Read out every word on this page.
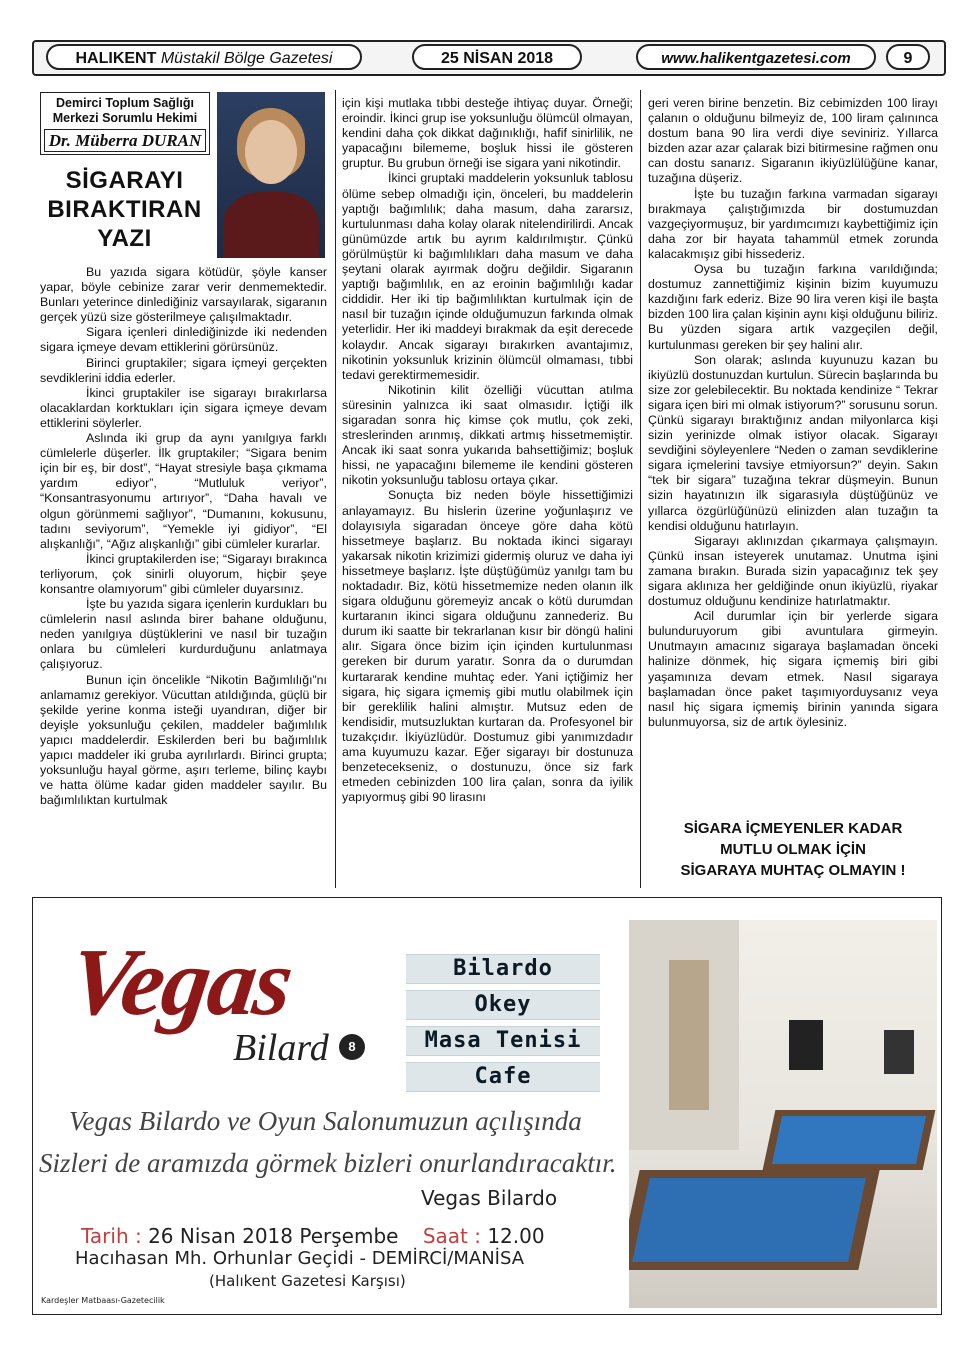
HALIKENT Müstakil Bölge Gazetesi	25 NİSAN 2018	www.halikentgazetesi.com	9
Demirci Toplum Sağlığı
Merkezi Sorumlu Hekimi
Dr. Müberra DURAN
SİGARAYI
BIRAKTIRAN
YAZI

Bu yazıda sigara kötüdür, şöyle kanser yapar, böyle cebinize zarar verir denmemektedir. Bunları yeterince dinlediğiniz varsayılarak, sigaranın gerçek yüzü size gösterilmeye çalışılmaktadır.

Sigara içenleri dinlediğinizde iki nedenden sigara içmeye devam ettiklerini görürsünüz.

Birinci gruptakiler; sigara içmeyi gerçekten sevdiklerini iddia ederler.

İkinci gruptakiler ise sigarayı bırakırlarsa olacaklardan korktukları için sigara içmeye devam ettiklerini söylerler.

Aslında iki grup da aynı yanılgıya farklı cümlelerle düşerler. İlk gruptakiler; “Sigara benim için bir eş, bir dost”, “Hayat stresiyle başa çıkmama yardım ediyor”, “Mutluluk veriyor”, “Konsantrasyonumu artırıyor”, “Daha havalı ve olgun görünmemi sağlıyor”, “Dumanını, kokusunu, tadını seviyorum”, “Yemekle iyi gidiyor”, “El alışkanlığı”, “Ağız alışkanlığı” gibi cümleler kurarlar.

İkinci gruptakilerden ise; “Sigarayı bırakınca terliyorum, çok sinirli oluyorum, hiçbir şeye konsantre olamıyorum” gibi cümleler duyarsınız.

İşte bu yazıda sigara içenlerin kurdukları bu cümlelerin nasıl aslında birer bahane olduğunu, neden yanılgıya düştüklerini ve nasıl bir tuzağın onlara bu cümleleri kurdurduğunu anlatmaya çalışıyoruz.

Bunun için öncelikle “Nikotin Bağımlılığı”nı anlamamız gerekiyor. Vücuttan atıldığında, güçlü bir şekilde yerine konma isteği uyandıran, diğer bir deyişle yoksunluğu çekilen, maddeler bağımlılık yapıcı maddelerdir. Eskilerden beri bu bağımlılık yapıcı maddeler iki gruba ayrılırlardı. Birinci grupta; yoksunluğu hayal görme, aşırı terleme, bilinç kaybı ve hatta ölüme kadar giden maddeler sayılır. Bu bağımlılıktan kurtulmak

için kişi mutlaka tıbbi desteğe ihtiyaç duyar. Örneği; eroindir. İkinci grup ise yoksunluğu ölümcül olmayan, kendini daha çok dikkat dağınıklığı, hafif sinirlilik, ne yapacağını bilememe, boşluk hissi ile gösteren gruptur. Bu grubun örneği ise sigara yani nikotindir.

İkinci gruptaki maddelerin yoksunluk tablosu ölüme sebep olmadığı için, önceleri, bu maddelerin yaptığı bağımlılık; daha masum, daha zararsız, kurtulunması daha kolay olarak nitelendirilirdi. Ancak günümüzde artık bu ayrım kaldırılmıştır. Çünkü görülmüştür ki bağımlılıkları daha masum ve daha şeytani olarak ayırmak doğru değildir. Sigaranın yaptığı bağımlılık, en az eroinin bağımlılığı kadar ciddidir. Her iki tip bağımlılıktan kurtulmak için de nasıl bir tuzağın içinde olduğumuzun farkında olmak yeterlidir. Her iki maddeyi bırakmak da eşit derecede kolaydır. Ancak sigarayı bırakırken avantajımız, nikotinin yoksunluk krizinin ölümcül olmaması, tıbbi tedavi gerektirmemesidir.

Nikotinin kilit özelliği vücuttan atılma süresinin yalnızca iki saat olmasıdır. İçtiği ilk sigaradan sonra hiç kimse çok mutlu, çok zeki, streslerinden arınmış, dikkati artmış hissetmemiştir. Ancak iki saat sonra yukarıda bahsettiğimiz; boşluk hissi, ne yapacağını bilememe ile kendini gösteren nikotin yoksunluğu tablosu ortaya çıkar.

Sonuçta biz neden böyle hissettiğimizi anlayamayız. Bu hislerin üzerine yoğunlaşırız ve dolayısıyla sigaradan önceye göre daha kötü hissetmeye başlarız. Bu noktada ikinci sigarayı yakarsak nikotin krizimizi gidermiş oluruz ve daha iyi hissetmeye başlarız. İşte düştüğümüz yanılgı tam bu noktadadır. Biz, kötü hissetmemize neden olanın ilk sigara olduğunu göremeyiz ancak o kötü durumdan kurtaranın ikinci sigara olduğunu zannederiz. Bu durum iki saatte bir tekrarlanan kısır bir döngü halini alır. Sigara önce bizim için içinden kurtulunması gereken bir durum yaratır. Sonra da o durumdan kurtararak kendine muhtaç eder. Yani içtiğimiz her sigara, hiç sigara içmemiş gibi mutlu olabilmek için bir gereklilik halini almıştır. Mutsuz eden de kendisidir, mutsuzluktan kurtaran da. Profesyonel bir tuzakçıdır. İkiyüzlüdür. Dostumuz gibi yanımızdadır ama kuyumuzu kazar. Eğer sigarayı bir dostunuza benzetecekseniz, o dostunuzu, önce siz fark etmeden cebinizden 100 lira çalan, sonra da iyilik yapıyormuş gibi 90 lirasını

geri veren birine benzetin. Biz cebimizden 100 lirayı çalanın o olduğunu bilmeyiz de, 100 liram çalınınca dostum bana 90 lira verdi diye seviniriz. Yıllarca bizden azar azar çalarak bizi bitirmesine rağmen onu can dostu sanarız. Sigaranın ikiyüzlülüğüne kanar, tuzağına düşeriz.

İşte bu tuzağın farkına varmadan sigarayı bırakmaya çalıştığımızda bir dostumuzdan vazgeçiyormuşuz, bir yardımcımızı kaybettiğimiz için daha zor bir hayata tahammül etmek zorunda kalacakmışız gibi hissederiz.

Oysa bu tuzağın farkına varıldığında; dostumuz zannettiğimiz kişinin bizim kuyumuzu kazdığını fark ederiz. Bize 90 lira veren kişi ile başta bizden 100 lira çalan kişinin aynı kişi olduğunu biliriz. Bu yüzden sigara artık vazgeçilen değil, kurtulunması gereken bir şey halini alır.

Son olarak; aslında kuyunuzu kazan bu ikiyüzlü dostunuzdan kurtulun. Sürecin başlarında bu size zor gelebilecektir. Bu noktada kendinize “ Tekrar sigara içen biri mi olmak istiyorum?” sorusunu sorun. Çünkü sigarayı bıraktığınız andan milyonlarca kişi sizin yerinizde olmak istiyor olacak. Sigarayı sevdiğini söyleyenlere “Neden o zaman sevdiklerine sigara içmelerini tavsiye etmiyorsun?” deyin. Sakın “tek bir sigara” tuzağına tekrar düşmeyin. Bunun sizin hayatınızın ilk sigarasıyla düştüğünüz ve yıllarca özgürlüğünüzü elinizden alan tuzağın ta kendisi olduğunu hatırlayın.

Sigarayı aklınızdan çıkarmaya çalışmayın. Çünkü insan isteyerek unutamaz. Unutma işini zamana bırakın. Burada sizin yapacağınız tek şey sigara aklınıza her geldiğinde onun ikiyüzlü, riyakar dostumuz olduğunu kendinize hatırlatmaktır.

Acil durumlar için bir yerlerde sigara bulunduruyorum gibi avuntulara girmeyin. Unutmayın amacınız sigaraya başlamadan önceki halinize dönmek, hiç sigara içmemiş biri gibi yaşamınıza devam etmek. Nasıl sigaraya başlamadan önce paket taşımıyorduysanız veya nasıl hiç sigara içmemiş birinin yanında sigara bulunmuyorsa, siz de artık öylesiniz.

SİGARA İÇMEYENLER KADAR
MUTLU OLMAK İÇİN
SİGARAYA MUHTAÇ OLMAYIN !
Vegas
Bilard	8
Bilardo
Okey
Masa Tenisi
Cafe
Vegas Bilardo ve Oyun Salonumuzun açılışında
Sizleri de aramızda görmek bizleri onurlandıracaktır.
Vegas Bilardo
Tarih : 26 Nisan 2018 Perşembe Saat : 12.00
Hacıhasan Mh. Orhunlar Geçidi - DEMİRCİ/MANİSA
(Halıkent Gazetesi Karşısı)
Kardeşler Matbaası-Gazetecilik
